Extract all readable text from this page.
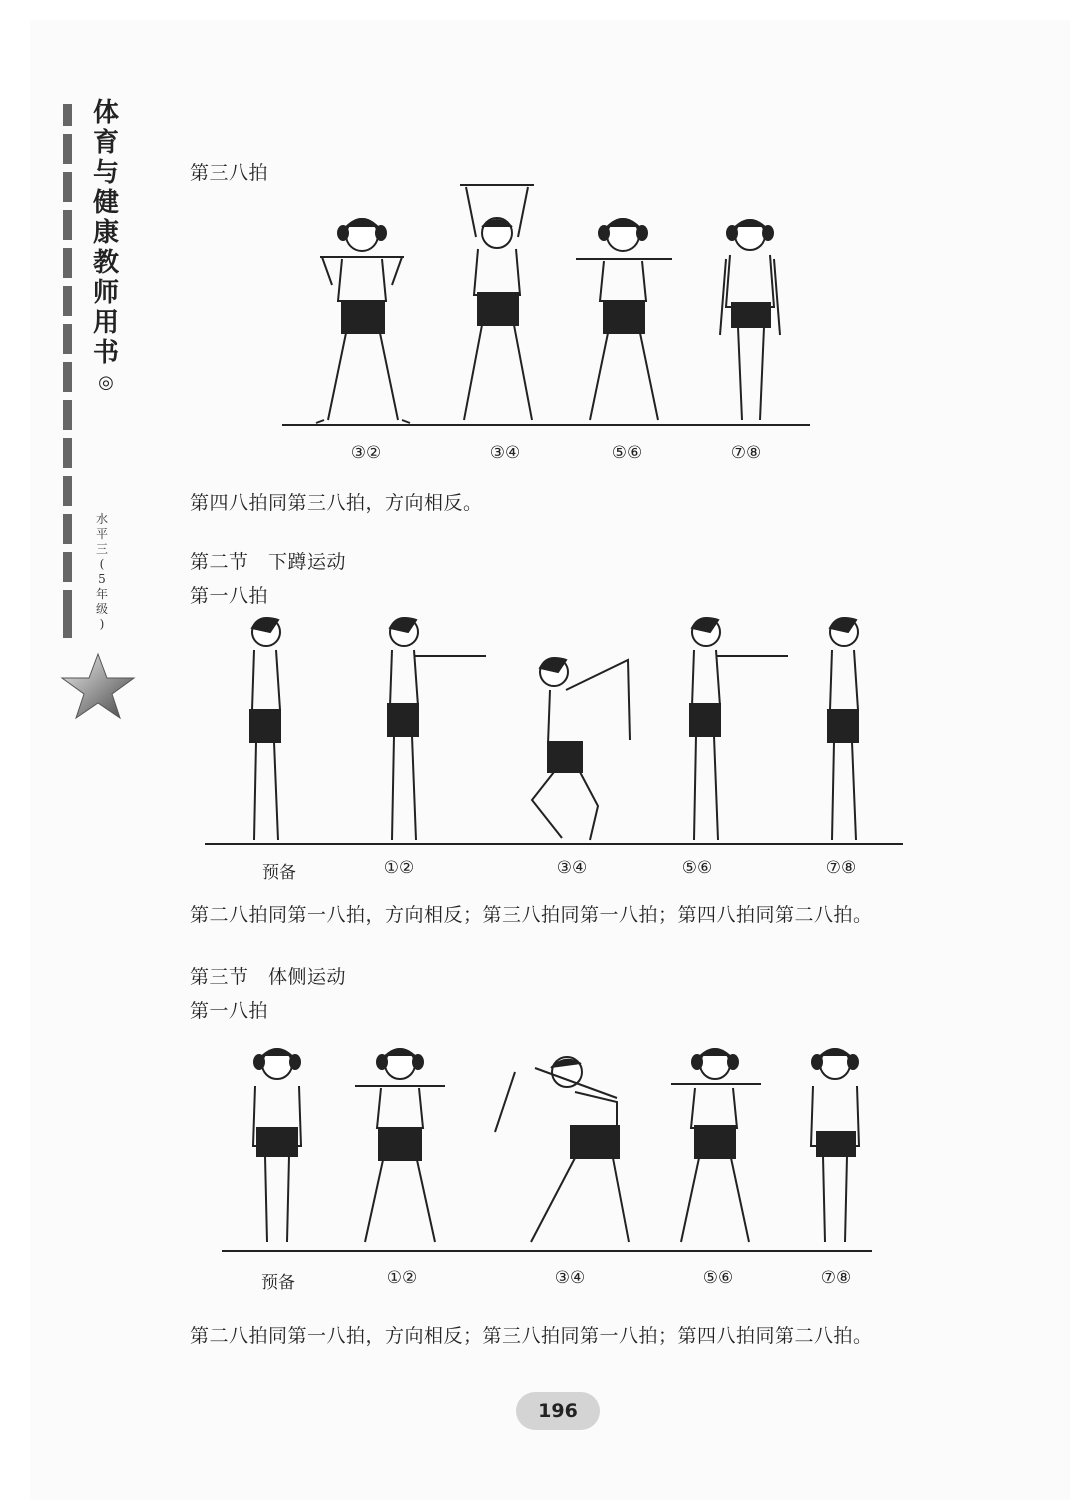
体
育
与
健
康
教
师
用
书
◎
水
平
三
(
5
年
级
)
第三八拍
③②	③④	⑤⑥	⑦⑧
第四八拍同第三八拍，方向相反。
第二节　下蹲运动
第一八拍
预备	①②	③④	⑤⑥	⑦⑧
第二八拍同第一八拍，方向相反；第三八拍同第一八拍；第四八拍同第二八拍。
第三节　体侧运动
第一八拍
预备	①②	③④	⑤⑥	⑦⑧
第二八拍同第一八拍，方向相反；第三八拍同第一八拍；第四八拍同第二八拍。
196
